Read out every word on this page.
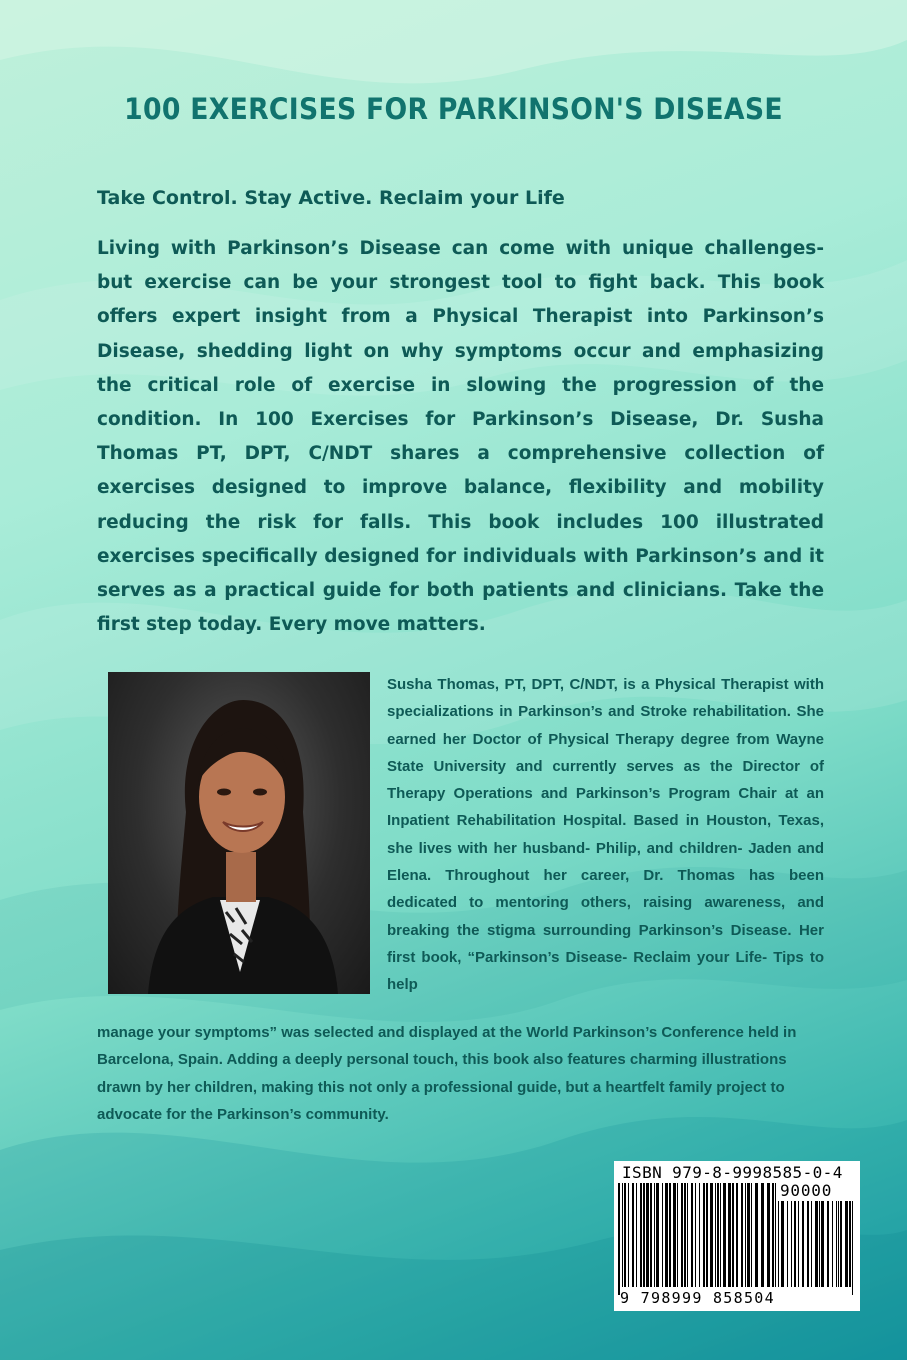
100 EXERCISES FOR PARKINSON'S DISEASE
Take Control. Stay Active. Reclaim your Life

Living with Parkinson’s Disease can come with unique challenges- but exercise can be your strongest tool to fight back. This book offers expert insight from a Physical Therapist into Parkinson’s Disease, shedding light on why symptoms occur and emphasizing the critical role of exercise in slowing the progression of the condition. In 100 Exercises for Parkinson’s Disease, Dr. Susha Thomas PT, DPT, C/NDT shares a comprehensive collection of exercises designed to improve balance, flexibility and mobility reducing the risk for falls. This book includes 100 illustrated exercises specifically designed for individuals with Parkinson’s and it serves as a practical guide for both patients and clinicians. Take the first step today. Every move matters.

Susha Thomas, PT, DPT, C/NDT, is a Physical Therapist with specializations in Parkinson’s and Stroke rehabilitation. She earned her Doctor of Physical Therapy degree from Wayne State University and currently serves as the Director of Therapy Operations and Parkinson’s Program Chair at an Inpatient Rehabilitation Hospital. Based in Houston, Texas, she lives with her husband- Philip, and children- Jaden and Elena. Throughout her career, Dr. Thomas has been dedicated to mentoring others, raising awareness, and breaking the stigma surrounding Parkinson’s Disease. Her first book, “Parkinson’s Disease- Reclaim your Life- Tips to help

manage your symptoms” was selected and displayed at the World Parkinson’s Conference held in Barcelona, Spain. Adding a deeply personal touch, this book also features charming illustrations drawn by her children, making this not only a professional guide, but a heartfelt family project to advocate for the Parkinson’s community.

ISBN 979-8-9998585-0-4
90000
9 798999 858504
